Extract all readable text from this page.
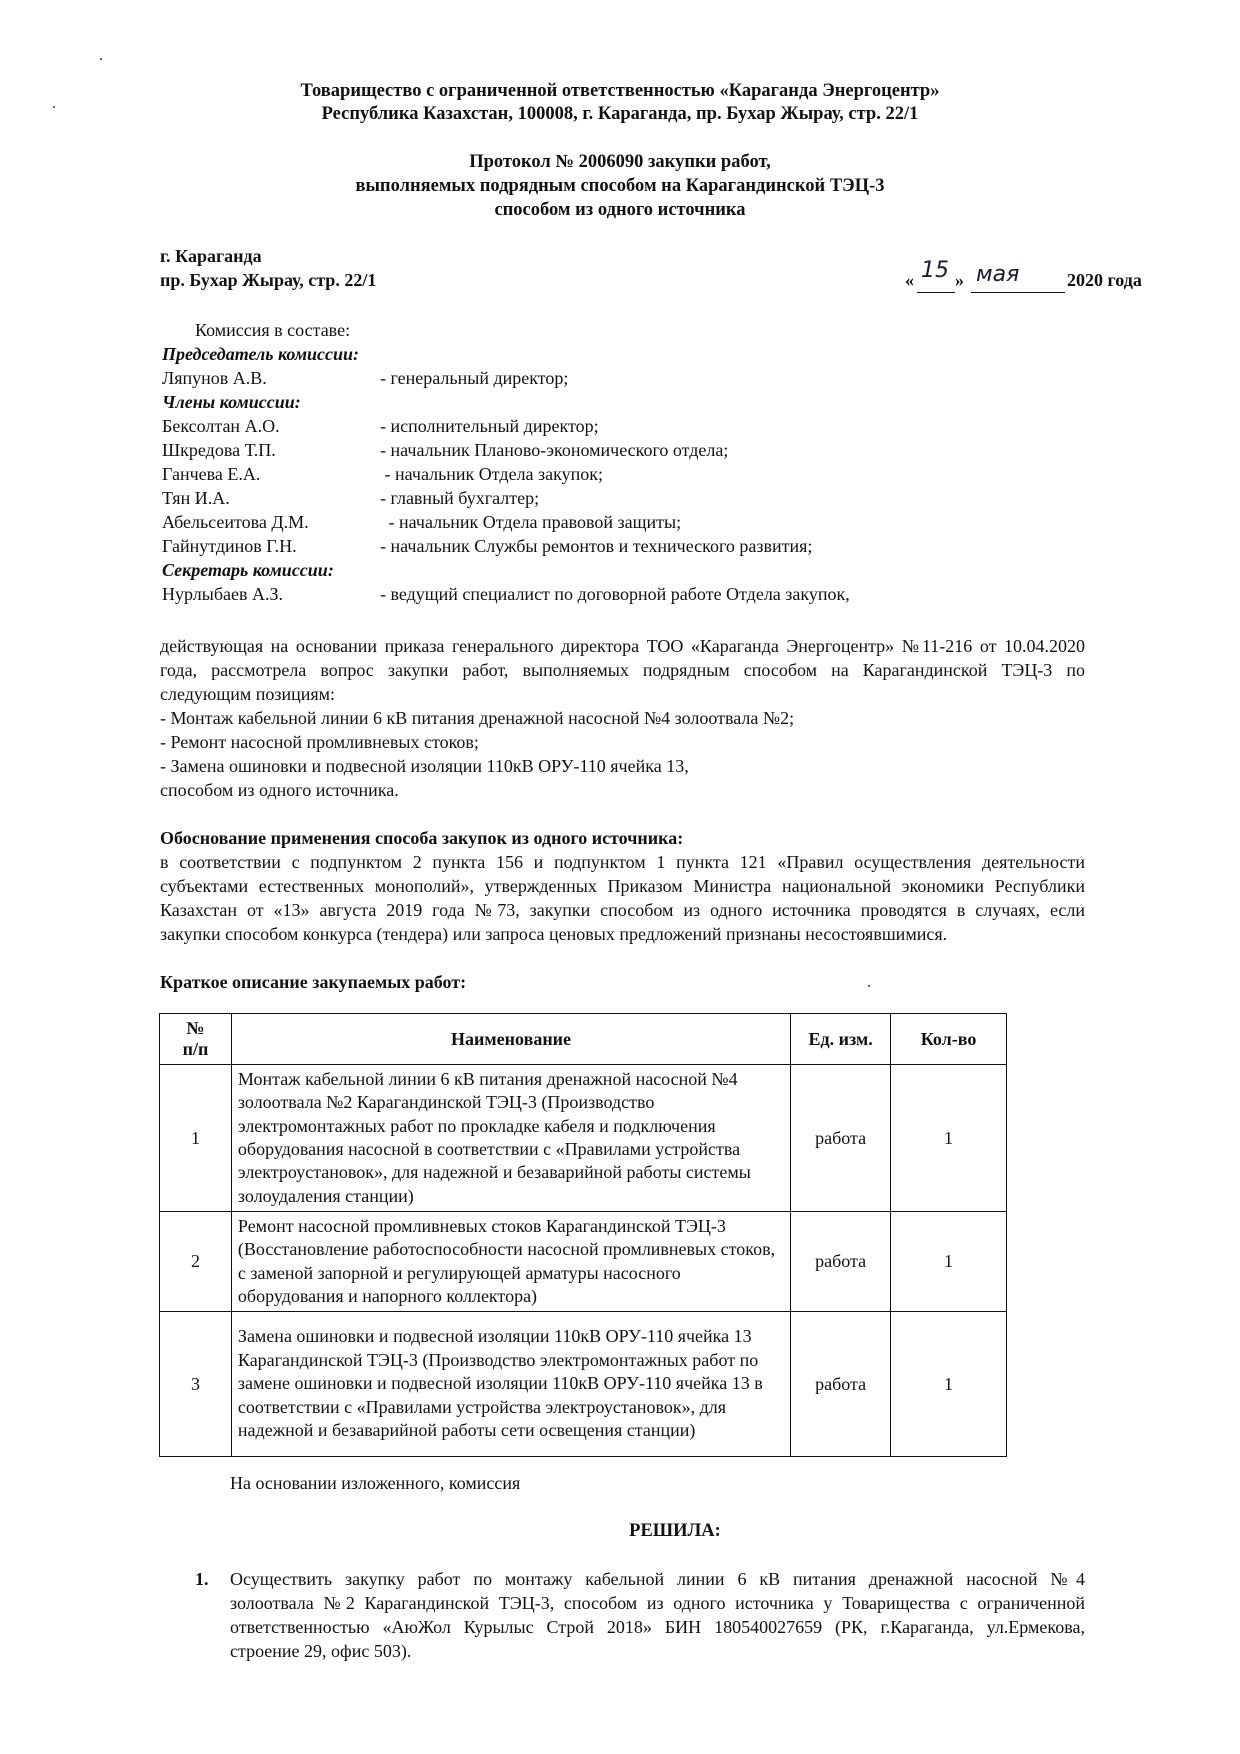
Товарищество с ограниченной ответственностью «Караганда Энергоцентр»
Республика Казахстан, 100008, г. Караганда, пр. Бухар Жырау, стр. 22/1
Протокол № 2006090 закупки работ,
выполняемых подрядным способом на Карагандинской ТЭЦ-3
способом из одного источника
г. Караганда
пр. Бухар Жырау, стр. 22/1	« 15 » мая	2020 года
Комиссия в составе:
Председатель комиссии:
Ляпунов А.В.	- генеральный директор;
Члены комиссии:
Бексолтан А.О.	- исполнительный директор;
Шкредова Т.П.	- начальник Планово-экономического отдела;
Ганчева Е.А.	- начальник Отдела закупок;
Тян И.А.	- главный бухгалтер;
Абельсеитова Д.М.	- начальник Отдела правовой защиты;
Гайнутдинов Г.Н.	- начальник Службы ремонтов и технического развития;
Секретарь комиссии:
Нурлыбаев А.З.	- ведущий специалист по договорной работе Отдела закупок,
действующая на основании приказа генерального директора ТОО «Караганда Энергоцентр» №11-216 от 10.04.2020
года, рассмотрела вопрос закупки работ, выполняемых подрядным способом на Карагандинской ТЭЦ-3 по
следующим позициям:
- Монтаж кабельной линии 6 кВ питания дренажной насосной №4 золоотвала №2;
- Ремонт насосной промливневых стоков;
- Замена ошиновки и подвесной изоляции 110кВ ОРУ-110 ячейка 13,
способом из одного источника.
Обоснование применения способа закупок из одного источника:
в соответствии с подпунктом 2 пункта 156 и подпунктом 1 пункта 121 «Правил осуществления деятельности
субъектами естественных монополий», утвержденных Приказом Министра национальной экономики Республики
Казахстан от «13» августа 2019 года №73, закупки способом из одного источника проводятся в случаях, если
закупки способом конкурса (тендера) или запроса ценовых предложений признаны несостоявшимися.
Краткое описание закупаемых работ:
№
п/п	Наименование	Ед. изм.	Кол-во
1	Монтаж кабельной линии 6 кВ питания дренажной насосной №4 золоотвала №2 Карагандинской ТЭЦ-3 (Производство электромонтажных работ по прокладке кабеля и подключения оборудования насосной в соответствии с «Правилами устройства электроустановок», для надежной и безаварийной работы системы золоудаления станции)	работа	1
2	Ремонт насосной промливневых стоков Карагандинской ТЭЦ-3 (Восстановление работоспособности насосной промливневых стоков, с заменой запорной и регулирующей арматуры насосного оборудования и напорного коллектора)	работа	1
3	Замена ошиновки и подвесной изоляции 110кВ ОРУ-110 ячейка 13 Карагандинской ТЭЦ-3 (Производство электромонтажных работ по замене ошиновки и подвесной изоляции 110кВ ОРУ-110 ячейка 13 в соответствии с «Правилами устройства электроустановок», для надежной и безаварийной работы сети освещения станции)	работа	1
На основании изложенного, комиссия
РЕШИЛА:
1. Осуществить закупку работ по монтажу кабельной линии 6 кВ питания дренажной насосной №4
золоотвала №2 Карагандинской ТЭЦ-3, способом из одного источника у Товарищества с ограниченной
ответственностью «АюЖол Курылыс Строй 2018» БИН 180540027659 (РК, г.Караганда, ул.Ермекова,
строение 29, офис 503).
